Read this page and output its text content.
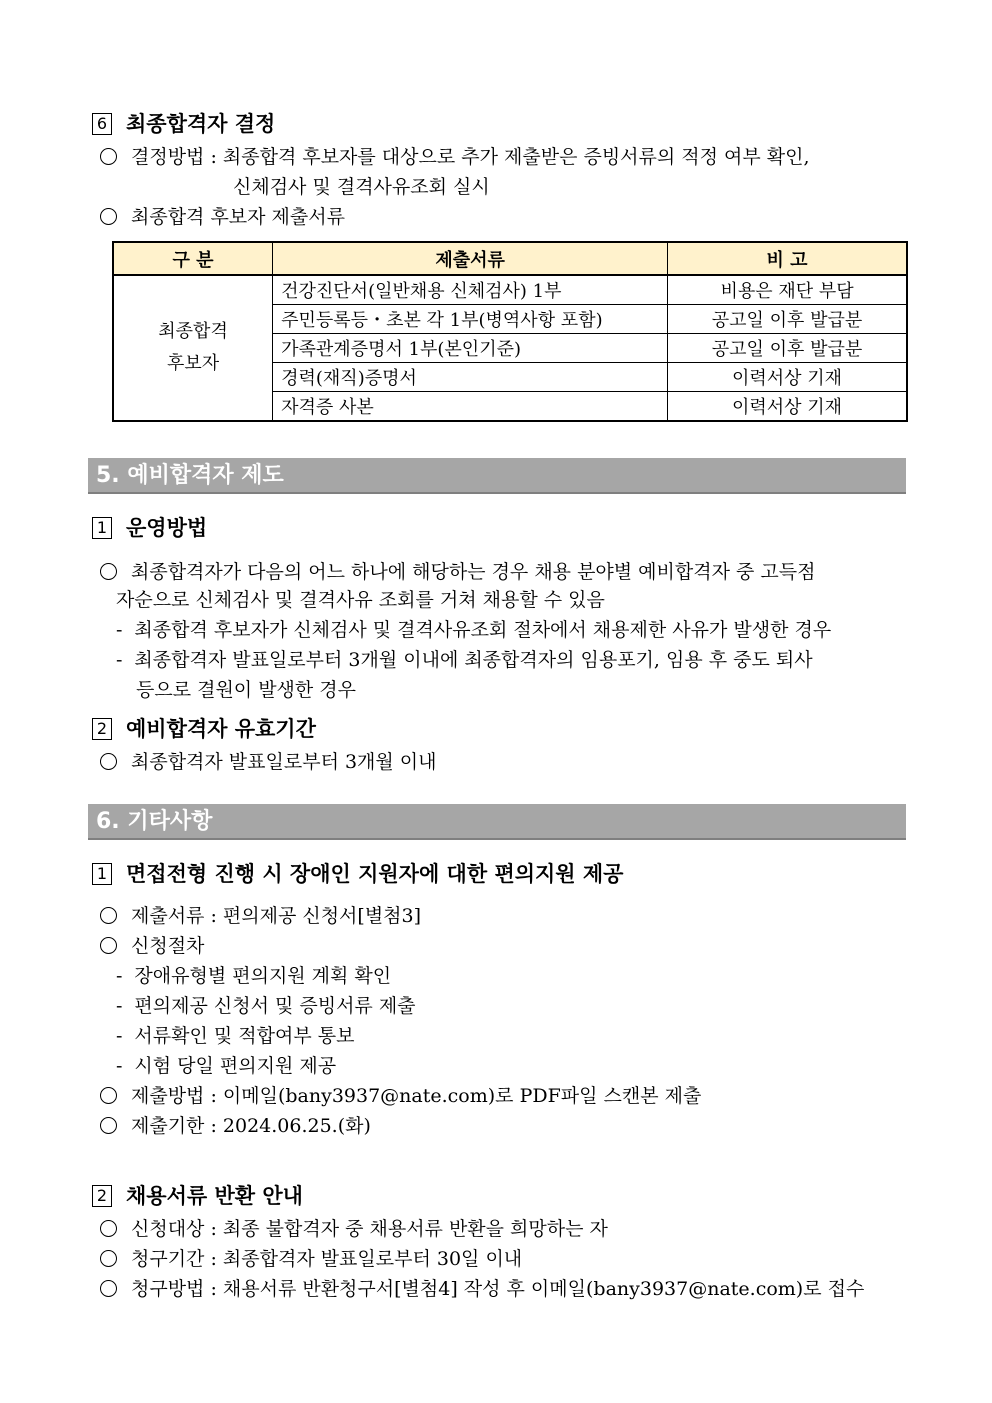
6 최종합격자 결정
결정방법 : 최종합격 후보자를 대상으로 추가 제출받은 증빙서류의 적정 여부 확인,
신체검사 및 결격사유조회 실시
최종합격 후보자 제출서류
구 분	제출서류	비 고
최종합격
후보자	건강진단서(일반채용 신체검사) 1부	비용은 재단 부담
	주민등록등・초본 각 1부(병역사항 포함)	공고일 이후 발급분
	가족관계증명서 1부(본인기준)	공고일 이후 발급분
	경력(재직)증명서	이력서상 기재
	자격증 사본	이력서상 기재
5. 예비합격자 제도
1 운영방법
최종합격자가 다음의 어느 하나에 해당하는 경우 채용 분야별 예비합격자 중 고득점
자순으로 신체검사 및 결격사유 조회를 거쳐 채용할 수 있음
- 최종합격 후보자가 신체검사 및 결격사유조회 절차에서 채용제한 사유가 발생한 경우
- 최종합격자 발표일로부터 3개월 이내에 최종합격자의 임용포기, 임용 후 중도 퇴사
등으로 결원이 발생한 경우
2 예비합격자 유효기간
최종합격자 발표일로부터 3개월 이내
6. 기타사항
1 면접전형 진행 시 장애인 지원자에 대한 편의지원 제공
제출서류 : 편의제공 신청서[별첨3]
신청절차
- 장애유형별 편의지원 계획 확인
- 편의제공 신청서 및 증빙서류 제출
- 서류확인 및 적합여부 통보
- 시험 당일 편의지원 제공
제출방법 : 이메일(bany3937@nate.com)로 PDF파일 스캔본 제출
제출기한 : 2024.06.25.(화)
2 채용서류 반환 안내
신청대상 : 최종 불합격자 중 채용서류 반환을 희망하는 자
청구기간 : 최종합격자 발표일로부터 30일 이내
청구방법 : 채용서류 반환청구서[별첨4] 작성 후 이메일(bany3937@nate.com)로 접수
